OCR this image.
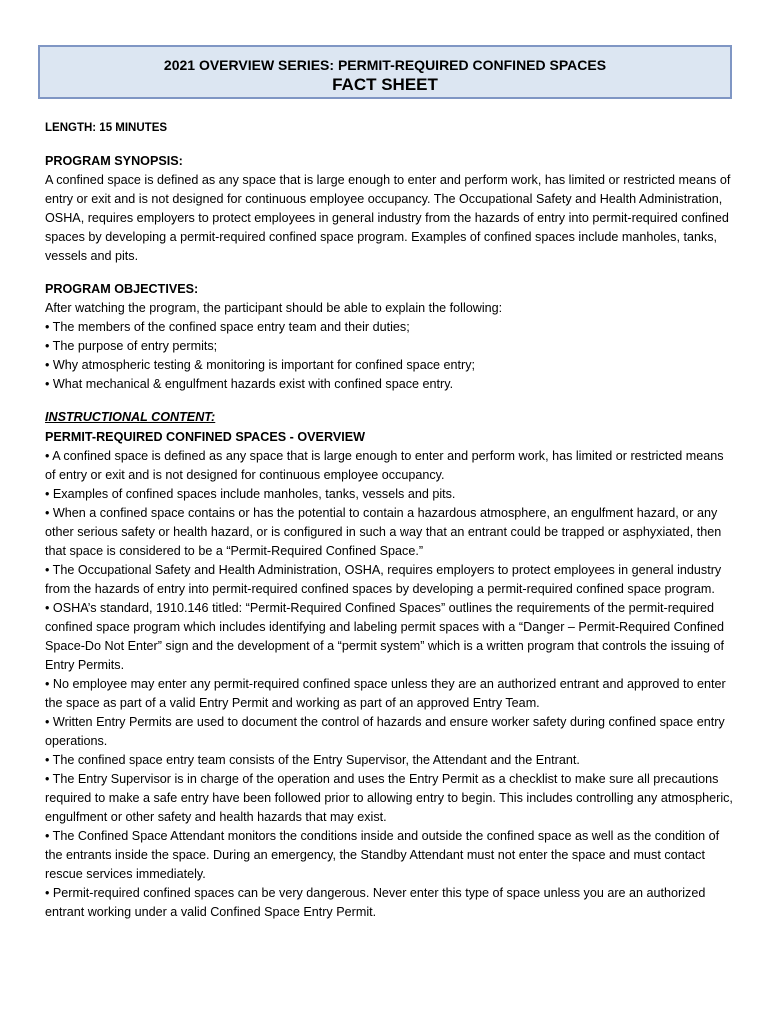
2021 OVERVIEW SERIES: PERMIT-REQUIRED CONFINED SPACES
FACT SHEET

LENGTH: 15 MINUTES

PROGRAM SYNOPSIS:

A confined space is defined as any space that is large enough to enter and perform work, has limited or restricted means of entry or exit and is not designed for continuous employee occupancy. The Occupational Safety and Health Administration, OSHA, requires employers to protect employees in general industry from the hazards of entry into permit-required confined spaces by developing a permit-required confined space program. Examples of confined spaces include manholes, tanks, vessels and pits.

PROGRAM OBJECTIVES:

After watching the program, the participant should be able to explain the following:

• The members of the confined space entry team and their duties;

• The purpose of entry permits;

• Why atmospheric testing & monitoring is important for confined space entry;

• What mechanical & engulfment hazards exist with confined space entry.

INSTRUCTIONAL CONTENT:

PERMIT-REQUIRED CONFINED SPACES - OVERVIEW

• A confined space is defined as any space that is large enough to enter and perform work, has limited or restricted means of entry or exit and is not designed for continuous employee occupancy.

• Examples of confined spaces include manholes, tanks, vessels and pits.

• When a confined space contains or has the potential to contain a hazardous atmosphere, an engulfment hazard, or any other serious safety or health hazard, or is configured in such a way that an entrant could be trapped or asphyxiated, then that space is considered to be a “Permit-Required Confined Space.”

• The Occupational Safety and Health Administration, OSHA, requires employers to protect employees in general industry from the hazards of entry into permit-required confined spaces by developing a permit-required confined space program.

• OSHA’s standard, 1910.146 titled: “Permit-Required Confined Spaces” outlines the requirements of the permit-required confined space program which includes identifying and labeling permit spaces with a “Danger – Permit-Required Confined Space-Do Not Enter” sign and the development of a “permit system” which is a written program that controls the issuing of Entry Permits.

• No employee may enter any permit-required confined space unless they are an authorized entrant and approved to enter the space as part of a valid Entry Permit and working as part of an approved Entry Team.

• Written Entry Permits are used to document the control of hazards and ensure worker safety during confined space entry operations.

• The confined space entry team consists of the Entry Supervisor, the Attendant and the Entrant.

• The Entry Supervisor is in charge of the operation and uses the Entry Permit as a checklist to make sure all precautions required to make a safe entry have been followed prior to allowing entry to begin. This includes controlling any atmospheric, engulfment or other safety and health hazards that may exist.

• The Confined Space Attendant monitors the conditions inside and outside the confined space as well as the condition of the entrants inside the space. During an emergency, the Standby Attendant must not enter the space and must contact rescue services immediately.

• Permit-required confined spaces can be very dangerous. Never enter this type of space unless you are an authorized entrant working under a valid Confined Space Entry Permit.
